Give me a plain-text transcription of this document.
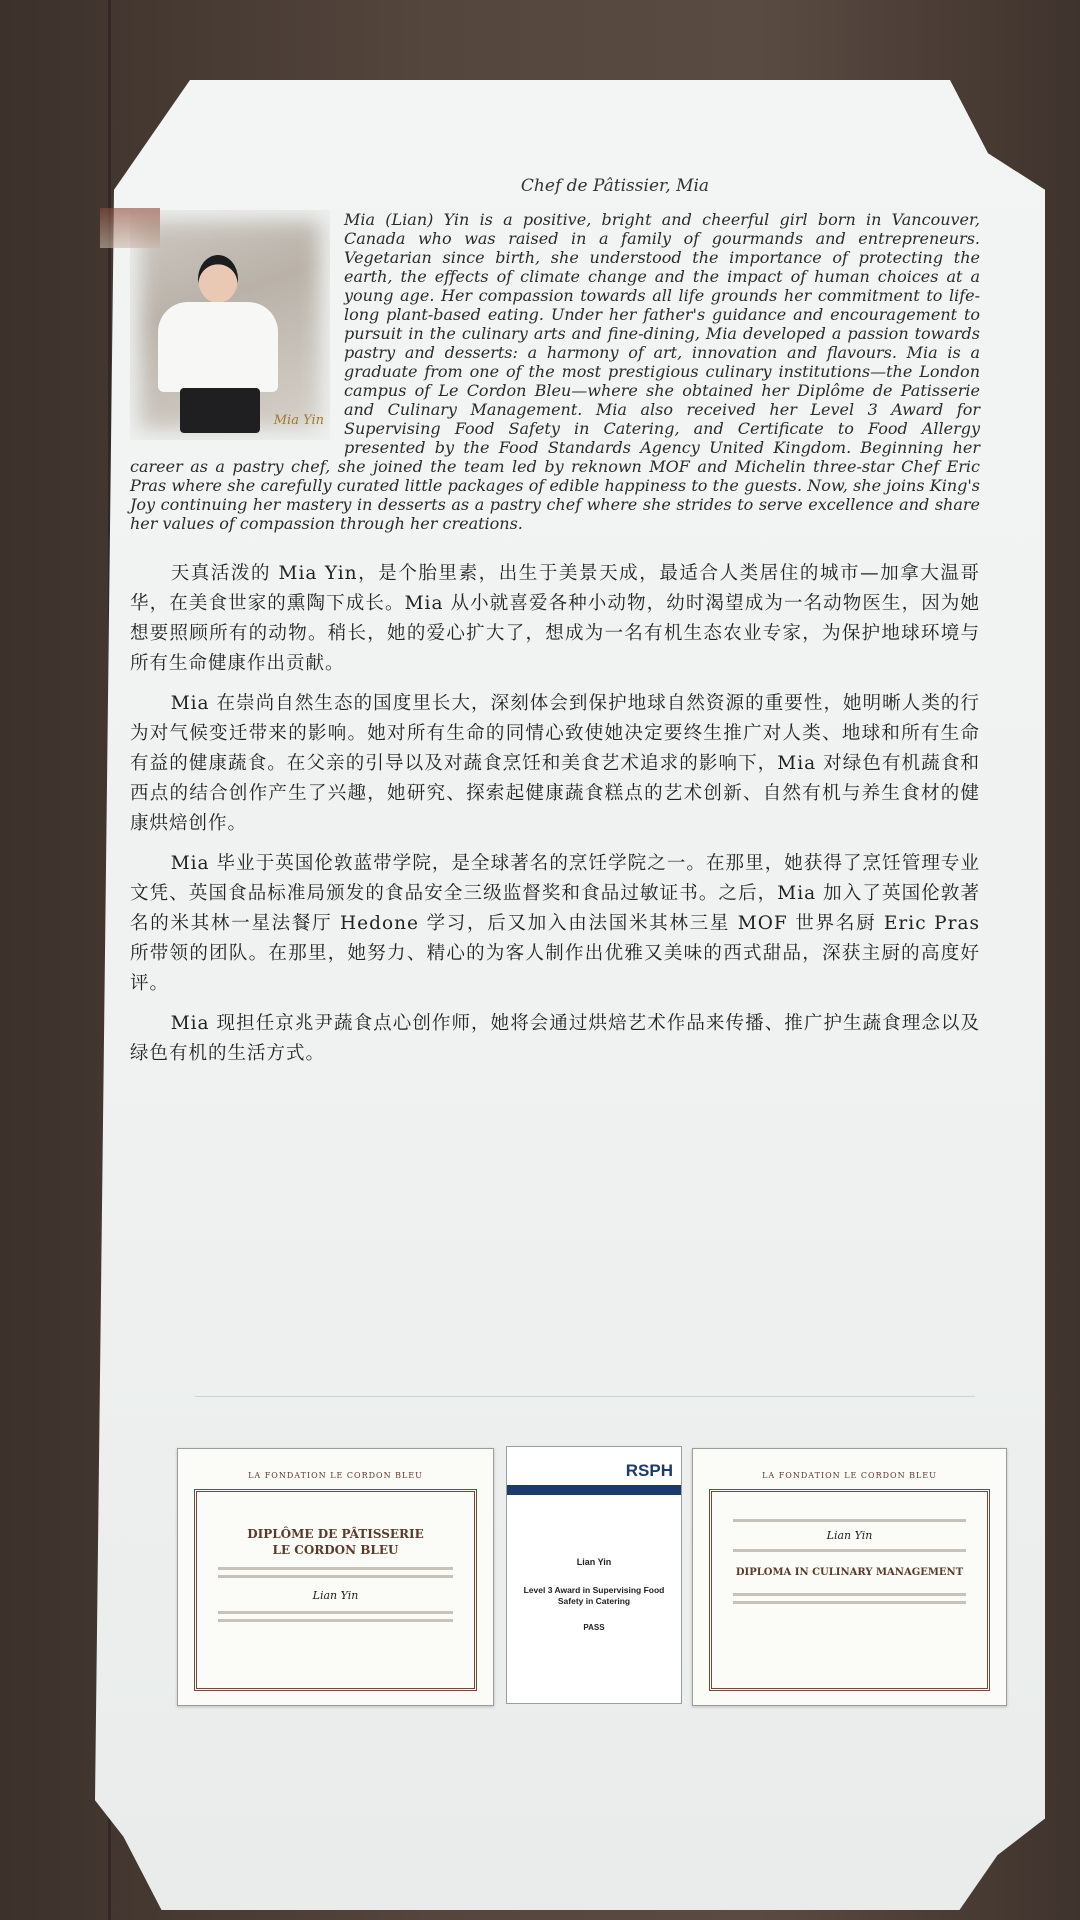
Chef de Pâtissier, Mia
Mia Yin
Mia (Lian) Yin is a positive, bright and cheerful girl born in Vancouver, Canada who was raised in a family of gourmands and entrepreneurs. Vegetarian since birth, she understood the importance of protecting the earth, the effects of climate change and the impact of human choices at a young age. Her compassion towards all life grounds her commitment to life-long plant-based eating. Under her father's guidance and encouragement to pursuit in the culinary arts and fine-dining, Mia developed a passion towards pastry and desserts: a harmony of art, innovation and flavours. Mia is a graduate from one of the most prestigious culinary institutions—the London campus of Le Cordon Bleu—where she obtained her Diplôme de Patisserie and Culinary Management. Mia also received her Level 3 Award for Supervising Food Safety in Catering, and Certificate to Food Allergy presented by the Food Standards Agency United Kingdom. Beginning her career as a pastry chef, she joined the team led by reknown MOF and Michelin three-star Chef Eric Pras where she carefully curated little packages of edible happiness to the guests. Now, she joins King's Joy continuing her mastery in desserts as a pastry chef where she strides to serve excellence and share her values of compassion through her creations.

天真活泼的 Mia Yin，是个胎里素，出生于美景天成，最适合人类居住的城市—加拿大温哥华，在美食世家的熏陶下成长。Mia 从小就喜爱各种小动物，幼时渴望成为一名动物医生，因为她想要照顾所有的动物。稍长，她的爱心扩大了，想成为一名有机生态农业专家，为保护地球环境与所有生命健康作出贡献。

Mia 在崇尚自然生态的国度里长大，深刻体会到保护地球自然资源的重要性，她明晰人类的行为对气候变迁带来的影响。她对所有生命的同情心致使她决定要终生推广对人类、地球和所有生命有益的健康蔬食。在父亲的引导以及对蔬食烹饪和美食艺术追求的影响下，Mia 对绿色有机蔬食和西点的结合创作产生了兴趣，她研究、探索起健康蔬食糕点的艺术创新、自然有机与养生食材的健康烘焙创作。

Mia 毕业于英国伦敦蓝带学院，是全球著名的烹饪学院之一。在那里，她获得了烹饪管理专业文凭、英国食品标准局颁发的食品安全三级监督奖和食品过敏证书。之后，Mia 加入了英国伦敦著名的米其林一星法餐厅 Hedone 学习，后又加入由法国米其林三星 MOF 世界名厨 Eric Pras 所带领的团队。在那里，她努力、精心的为客人制作出优雅又美味的西式甜品，深获主厨的高度好评。

Mia 现担任京兆尹蔬食点心创作师，她将会通过烘焙艺术作品来传播、推广护生蔬食理念以及绿色有机的生活方式。

LA FONDATION LE CORDON BLEU
DIPLÔME DE PÂTISSERIE
LE CORDON BLEU
Lian Yin
RSPH
Lian Yin
Level 3 Award in Supervising Food Safety in Catering
PASS
LA FONDATION LE CORDON BLEU
Lian Yin
DIPLOMA IN CULINARY MANAGEMENT
